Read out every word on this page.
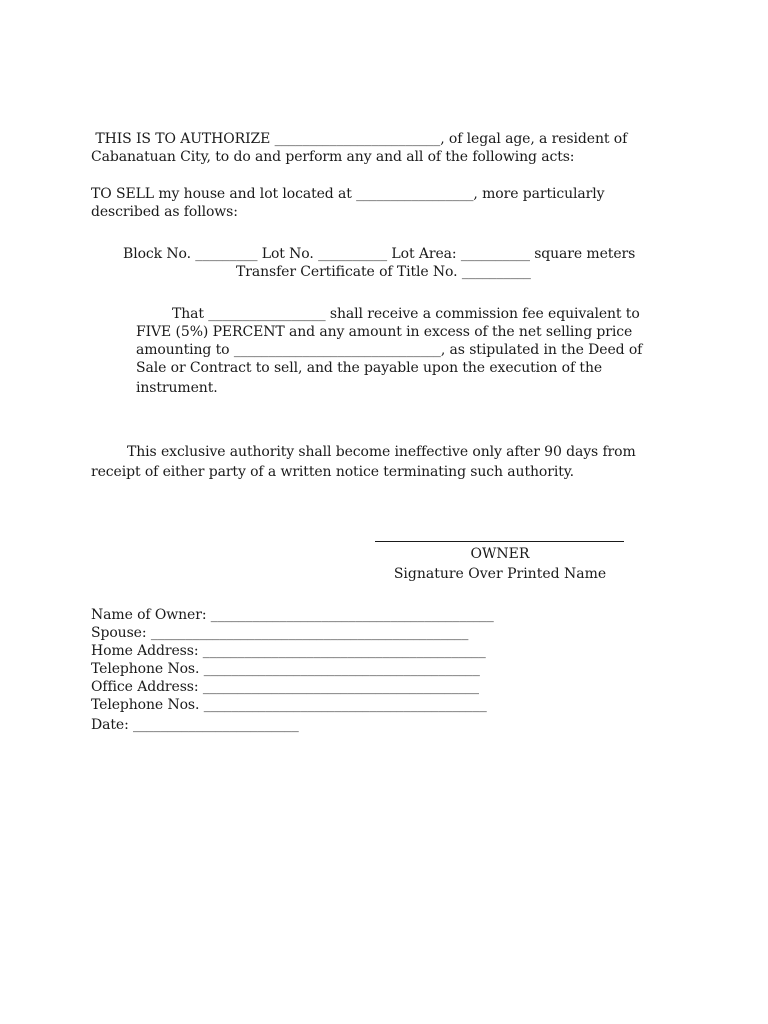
THIS IS TO AUTHORIZE ________________________, of legal age, a resident of
Cabanatuan City, to do and perform any and all of the following acts:
TO SELL my house and lot located at _________________, more particularly
described as follows:
Block No. _________ Lot No. __________ Lot Area: __________ square meters
Transfer Certificate of Title No. __________
That _________________ shall receive a commission fee equivalent to
FIVE (5%) PERCENT and any amount in excess of the net selling price
amounting to ______________________________, as stipulated in the Deed of
Sale or Contract to sell, and the payable upon the execution of the
instrument.
This exclusive authority shall become ineffective only after 90 days from
receipt of either party of a written notice terminating such authority.
OWNER
Signature Over Printed Name
Name of Owner: _________________________________________
Spouse: ______________________________________________
Home Address: _________________________________________
Telephone Nos. ________________________________________
Office Address: ________________________________________
Telephone Nos. _________________________________________
Date: ________________________
